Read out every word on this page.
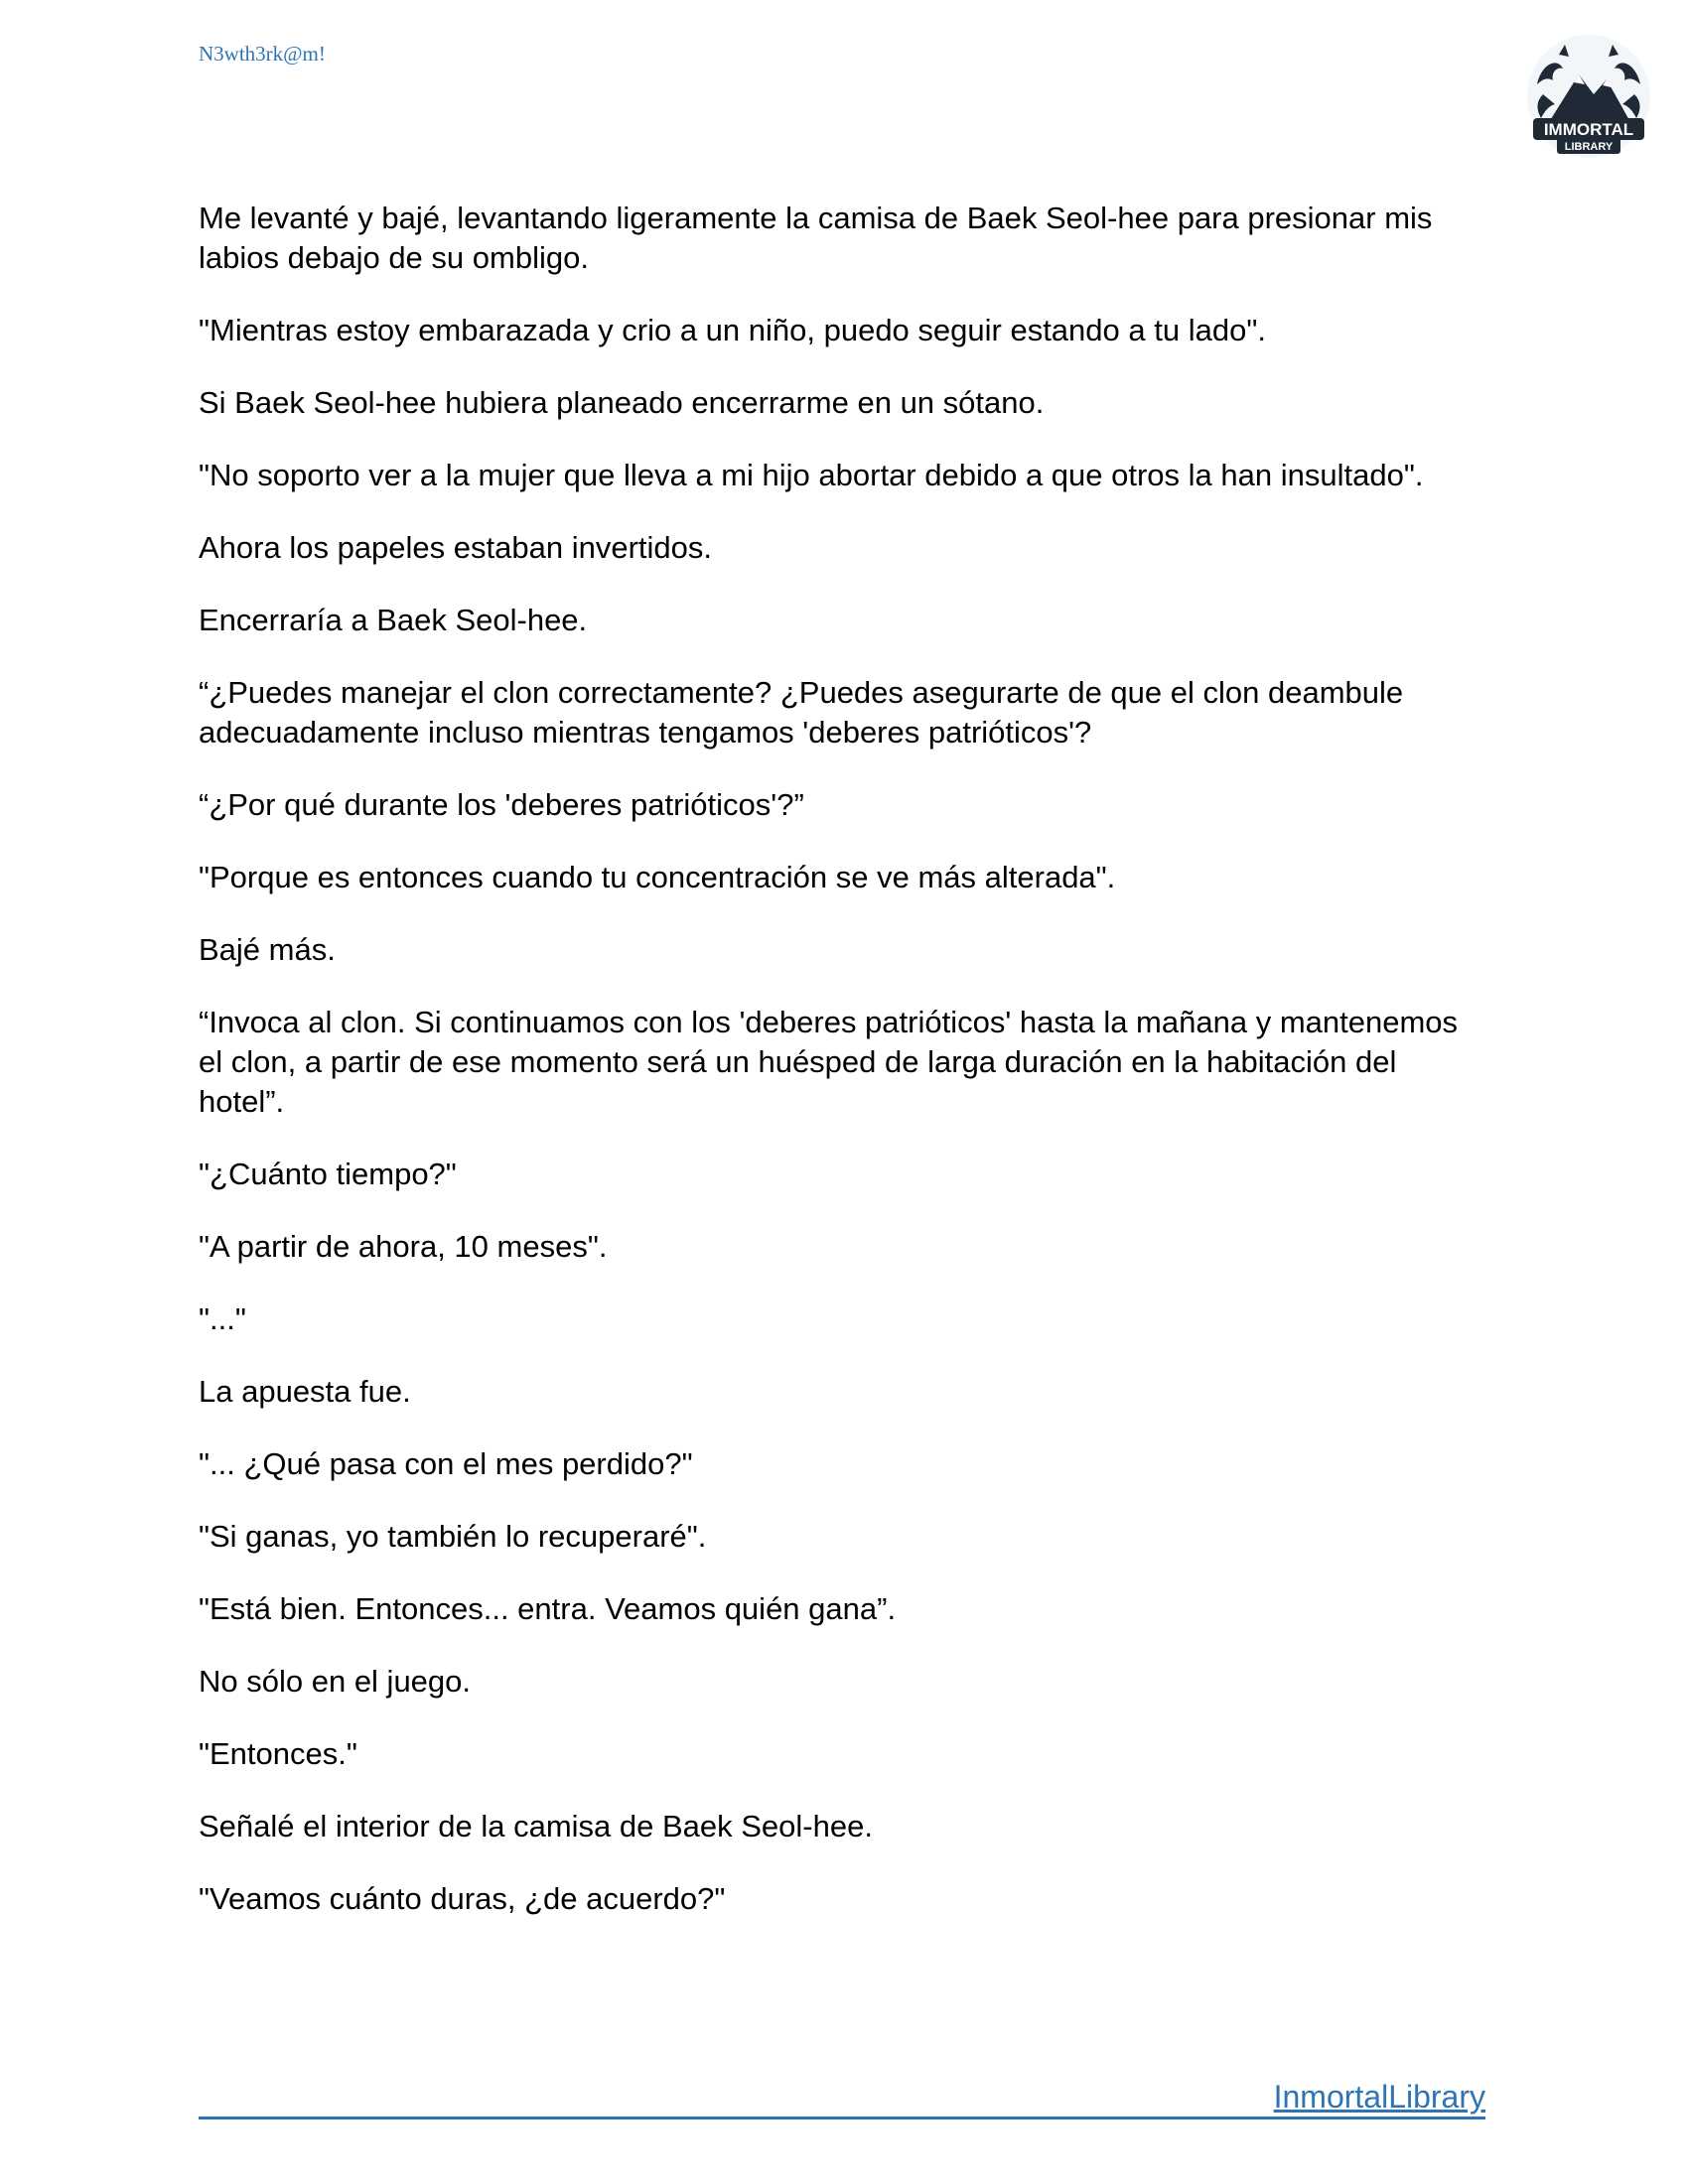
N3wth3rk@m!
IMMORTAL
LIBRARY

Me levanté y bajé, levantando ligeramente la camisa de Baek Seol-hee para presionar mis labios debajo de su ombligo.

"Mientras estoy embarazada y crio a un niño, puedo seguir estando a tu lado".

Si Baek Seol-hee hubiera planeado encerrarme en un sótano.

"No soporto ver a la mujer que lleva a mi hijo abortar debido a que otros la han insultado".

Ahora los papeles estaban invertidos.

Encerraría a Baek Seol-hee.

“¿Puedes manejar el clon correctamente? ¿Puedes asegurarte de que el clon deambule adecuadamente incluso mientras tengamos 'deberes patrióticos'?

“¿Por qué durante los 'deberes patrióticos'?”

"Porque es entonces cuando tu concentración se ve más alterada".

Bajé más.

“Invoca al clon. Si continuamos con los 'deberes patrióticos' hasta la mañana y mantenemos el clon, a partir de ese momento será un huésped de larga duración en la habitación del hotel”.

"¿Cuánto tiempo?"

"A partir de ahora, 10 meses".

"..."

La apuesta fue.

"... ¿Qué pasa con el mes perdido?"

"Si ganas, yo también lo recuperaré".

"Está bien. Entonces... entra. Veamos quién gana”.

No sólo en el juego.

"Entonces."

Señalé el interior de la camisa de Baek Seol-hee.

"Veamos cuánto duras, ¿de acuerdo?"

InmortalLibrary
